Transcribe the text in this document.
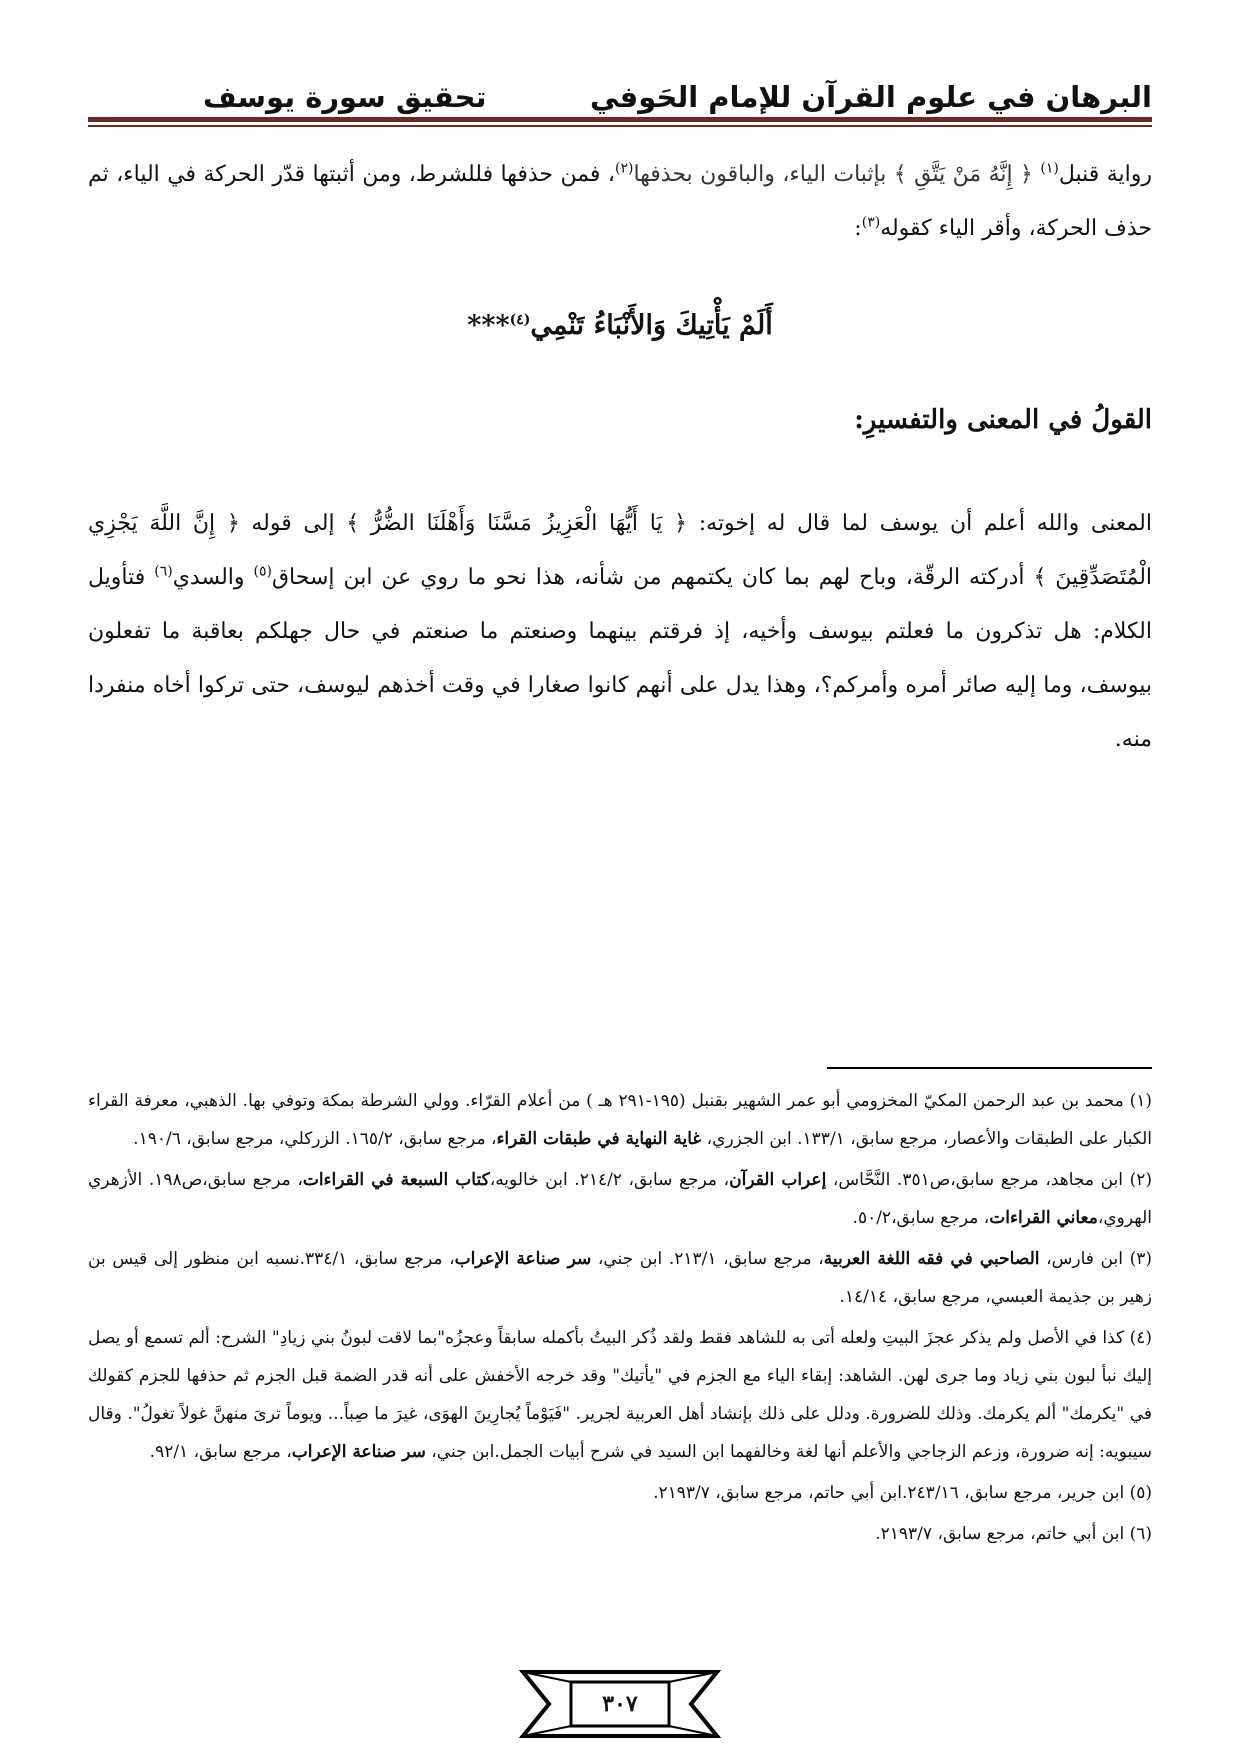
البرهان في علوم القرآن للإمام الحَوفي
تحقيق سورة يوسف
رواية قنبل$^{(١)}$ ﴿ إِنَّهُ مَنْ يَتَّقِ ﴾ بإثبات الياء، والباقون بحذفها$^{(٢)}$، فمن حذفها فللشرط، ومن أثبتها قدّر الحركة في الياء، ثم حذف الحركة، وأقر الياء كقوله$^{(٣)}$:
أَلَمْ يَأْتِيكَ وَالأَنْبَاءُ تَنْمِي$^{(٤)}$***
القولُ في المعنى والتفسيرِ:
المعنى والله أعلم أن يوسف لما قال له إخوته: ﴿ يَا أَيُّهَا الْعَزِيزُ مَسَّنَا وَأَهْلَنَا الضُّرُّ ﴾ إلى قوله ﴿ إِنَّ اللَّهَ يَجْزِي الْمُتَصَدِّقِينَ ﴾ أدركته الرقّة، وباح لهم بما كان يكتمهم من شأنه، هذا نحو ما روي عن ابن إسحاق$^{(٥)}$ والسدي$^{(٦)}$ فتأويل الكلام: هل تذكرون ما فعلتم بيوسف وأخيه، إذ فرقتم بينهما وصنعتم ما صنعتم في حال جهلكم بعاقبة ما تفعلون بيوسف، وما إليه صائر أمره وأمركم؟، وهذا يدل على أنهم كانوا صغارا في وقت أخذهم ليوسف، حتى تركوا أخاه منفردا منه.

(١) محمد بن عبد الرحمن المكيّ المخزومي أبو عمر الشهير بقنبل (١٩٥-٢٩١ هـ ) من أعلام القرّاء. وولي الشرطة بمكة وتوفي بها. الذهبي، معرفة القراء الكبار على الطبقات والأعصار، مرجع سابق، ١٣٣/١. ابن الجزري، غاية النهاية في طبقات القراء، مرجع سابق، ١٦٥/٢. الزركلي، مرجع سابق، ١٩٠/٦.

(٢) ابن مجاهد، مرجع سابق،ص٣٥١. النَّحَّاس، إعراب القرآن، مرجع سابق، ٢١٤/٢. ابن خالويه،كتاب السبعة في القراءات، مرجع سابق،ص١٩٨. الأزهري الهروي،معاني القراءات، مرجع سابق،٥٠/٢.

(٣) ابن فارس، الصاحبي في فقه اللغة العربية، مرجع سابق، ٢١٣/١. ابن جني، سر صناعة الإعراب، مرجع سابق، ٣٣٤/١.نسبه ابن منظور إلى قيس بن زهير بن جذيمة العبسي، مرجع سابق، ١٤/١٤.

(٤) كذا في الأصل ولم يذكر عجزَ البيتِ ولعله أتى به للشاهد فقط ولقد ذُكر البيتُ بأكمله سابقاً وعجزُه"بما لاقت لبونُ بني زيادِ" الشرح: ألم تسمع أو يصل إليك نبأ لبون بني زياد وما جرى لهن. الشاهد: إبقاء الياء مع الجزم في "يأتيك" وقد خرجه الأخفش على أنه قدر الضمة قبل الجزم ثم حذفها للجزم كقولك في "يكرمك" ألم يكرمك. وذلك للضرورة. ودلل على ذلك بإنشاد أهل العربية لجرير. "فَيَوْماً يُجارِينَ الهوَى، غيرَ ما صِباً... ويوماً ترىَ منهنَّ غولاً تغولُ". وقال سيبويه: إنه ضرورة، وزعم الزجاجي والأعلم أنها لغة وخالفهما ابن السيد في شرح أبيات الجمل.ابن جني، سر صناعة الإعراب، مرجع سابق، ٩٢/١.

(٥) ابن جرير، مرجع سابق، ٢٤٣/١٦.ابن أبي حاتم، مرجع سابق، ٢١٩٣/٧.

(٦) ابن أبي حاتم، مرجع سابق، ٢١٩٣/٧.

٣٠٧
